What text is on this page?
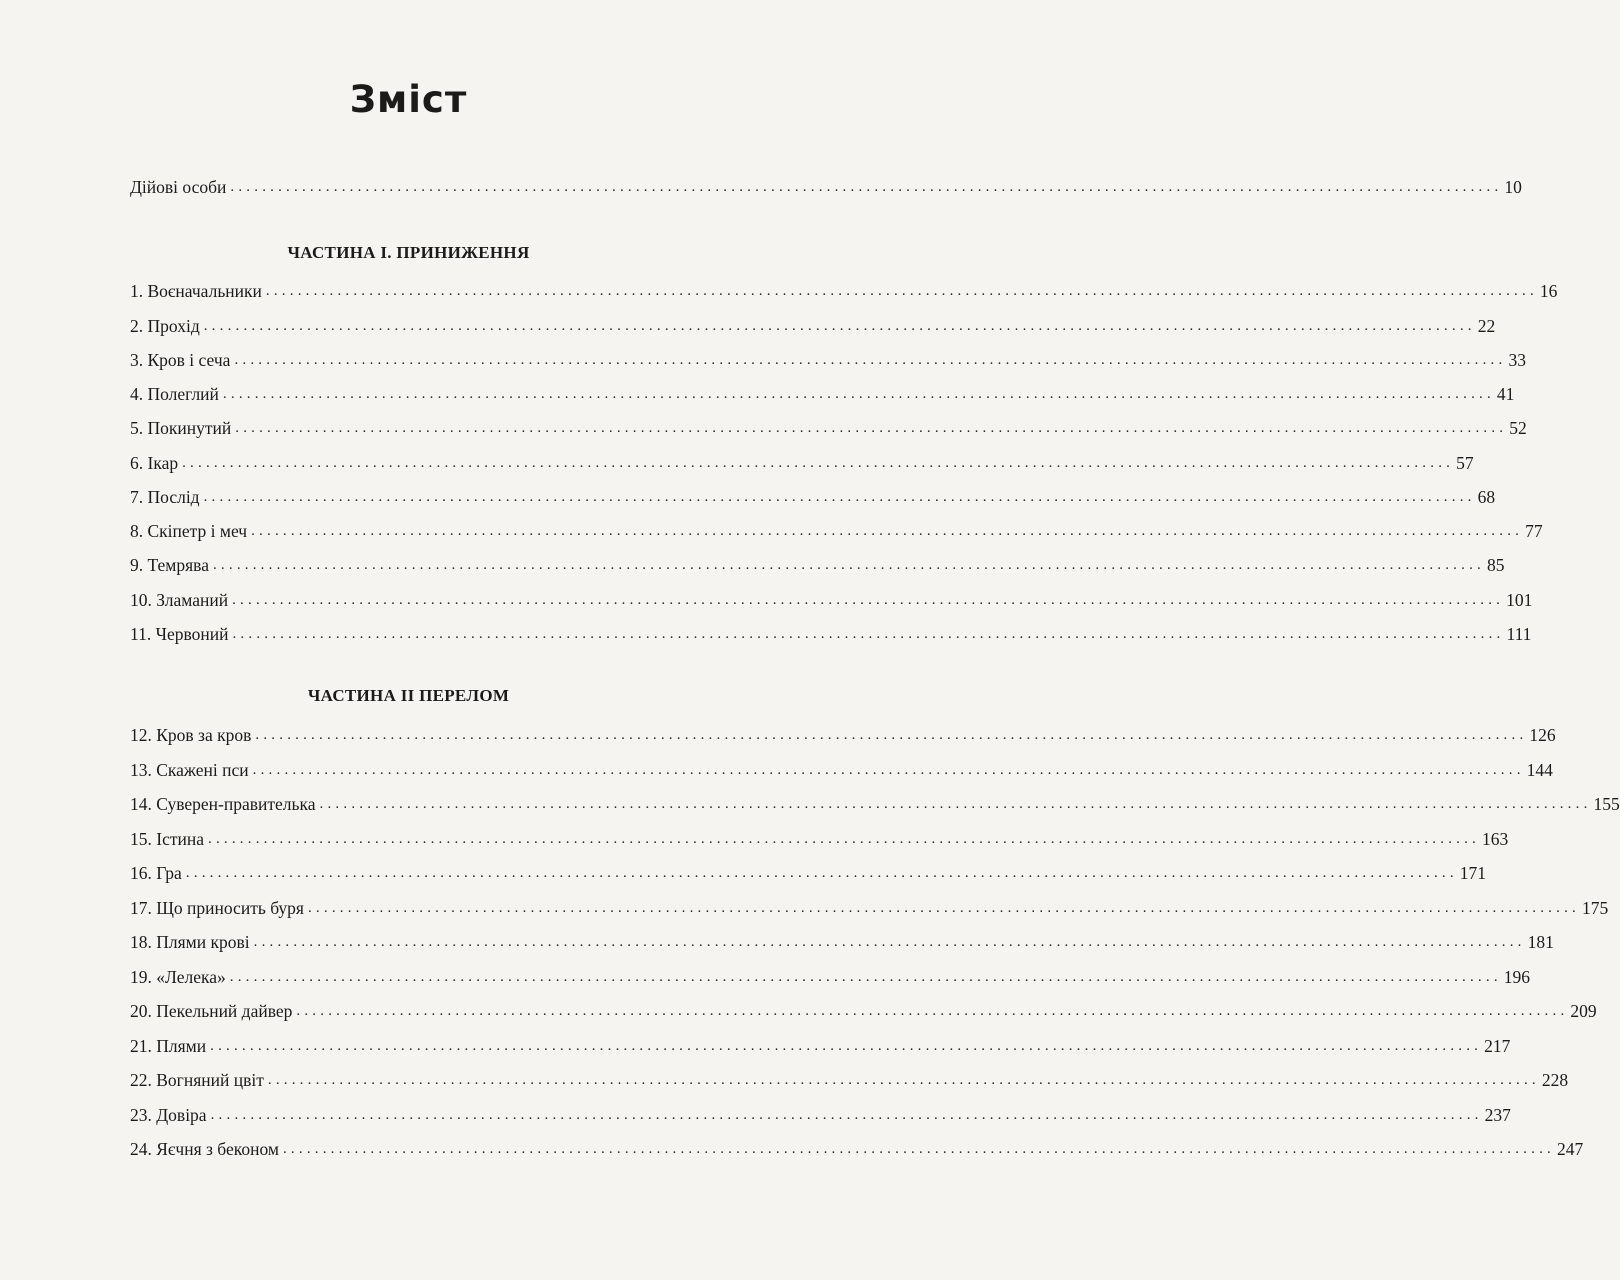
Зміст
Дійові особи ................................................................................................................................................................ 10
ЧАСТИНА І. ПРИНИЖЕННЯ
1. Воєначальники ................................................................................................................................................................ 16
2. Прохід ................................................................................................................................................................ 22
3. Кров і сеча ................................................................................................................................................................ 33
4. Полеглий ................................................................................................................................................................ 41
5. Покинутий ................................................................................................................................................................ 52
6. Ікар ................................................................................................................................................................ 57
7. Послід ................................................................................................................................................................ 68
8. Скіпетр і меч ................................................................................................................................................................ 77
9. Темрява ................................................................................................................................................................ 85
10. Зламаний ................................................................................................................................................................ 101
11. Червоний ................................................................................................................................................................ 111
ЧАСТИНА ІІ ПЕРЕЛОМ
12. Кров за кров ................................................................................................................................................................ 126
13. Скажені пси ................................................................................................................................................................ 144
14. Суверен-правителька ................................................................................................................................................................ 155
15. Істина ................................................................................................................................................................ 163
16. Гра ................................................................................................................................................................ 171
17. Що приносить буря ................................................................................................................................................................ 175
18. Плями крові ................................................................................................................................................................ 181
19. «Лелека» ................................................................................................................................................................ 196
20. Пекельний дайвер ................................................................................................................................................................ 209
21. Плями ................................................................................................................................................................ 217
22. Вогняний цвіт ................................................................................................................................................................ 228
23. Довіра ................................................................................................................................................................ 237
24. Яєчня з беконом ................................................................................................................................................................ 247
